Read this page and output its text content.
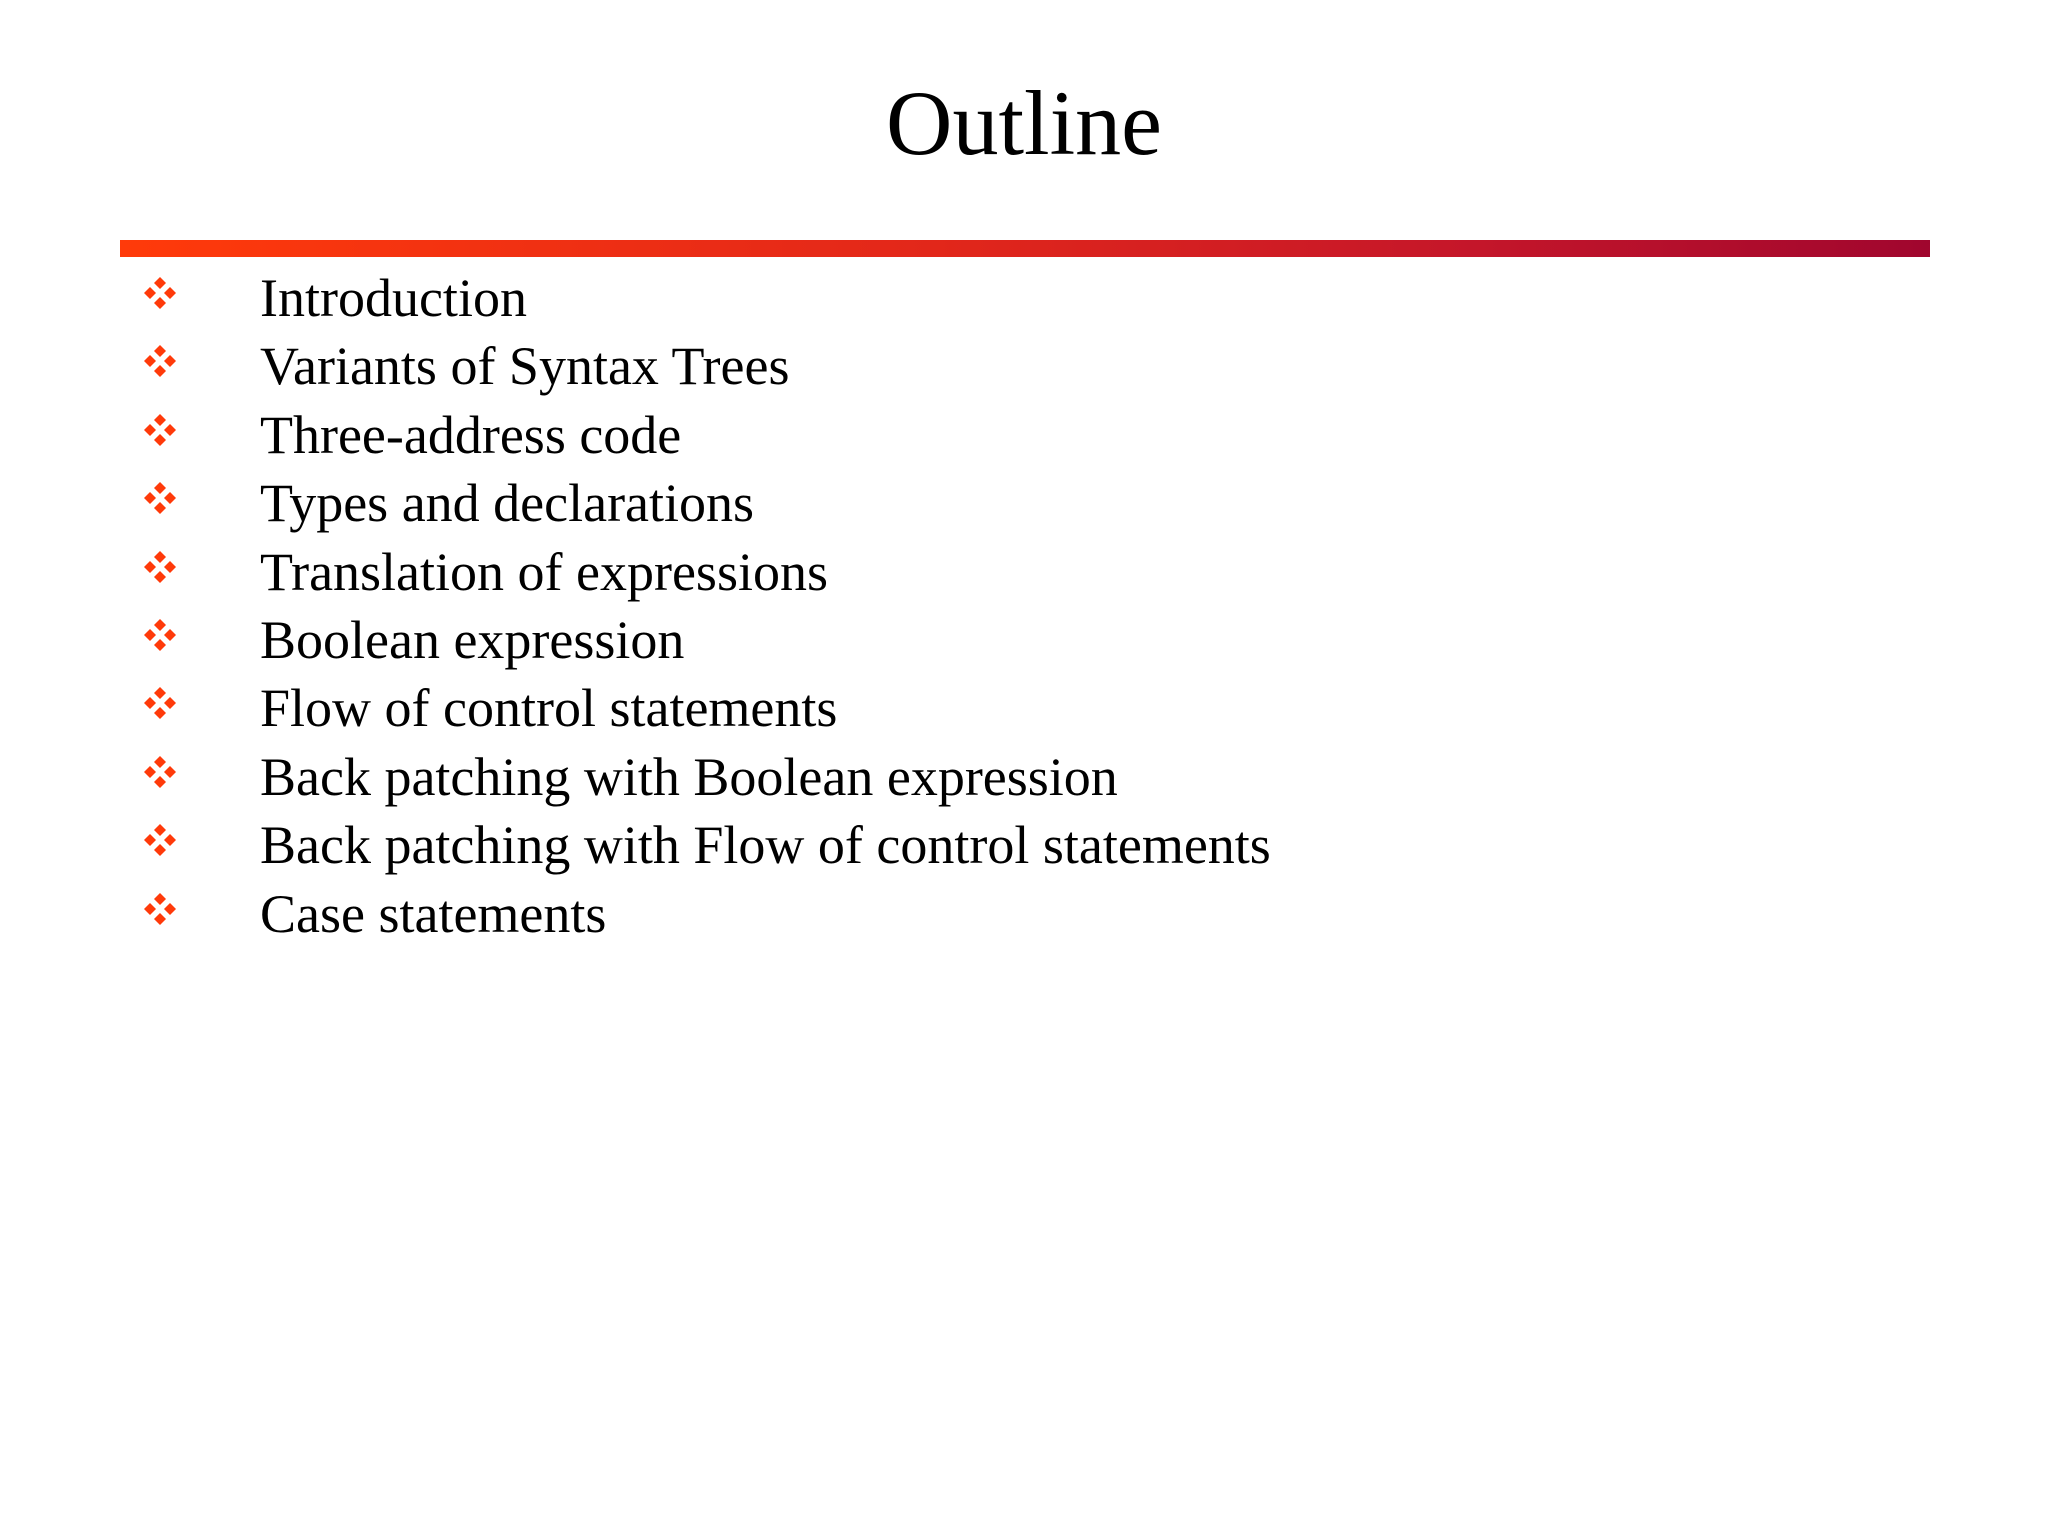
Outline
Introduction
Variants of Syntax Trees
Three-address code
Types and declarations
Translation of expressions
Boolean expression
Flow of control statements
Back patching with Boolean expression
Back patching with Flow of control statements
Case statements
